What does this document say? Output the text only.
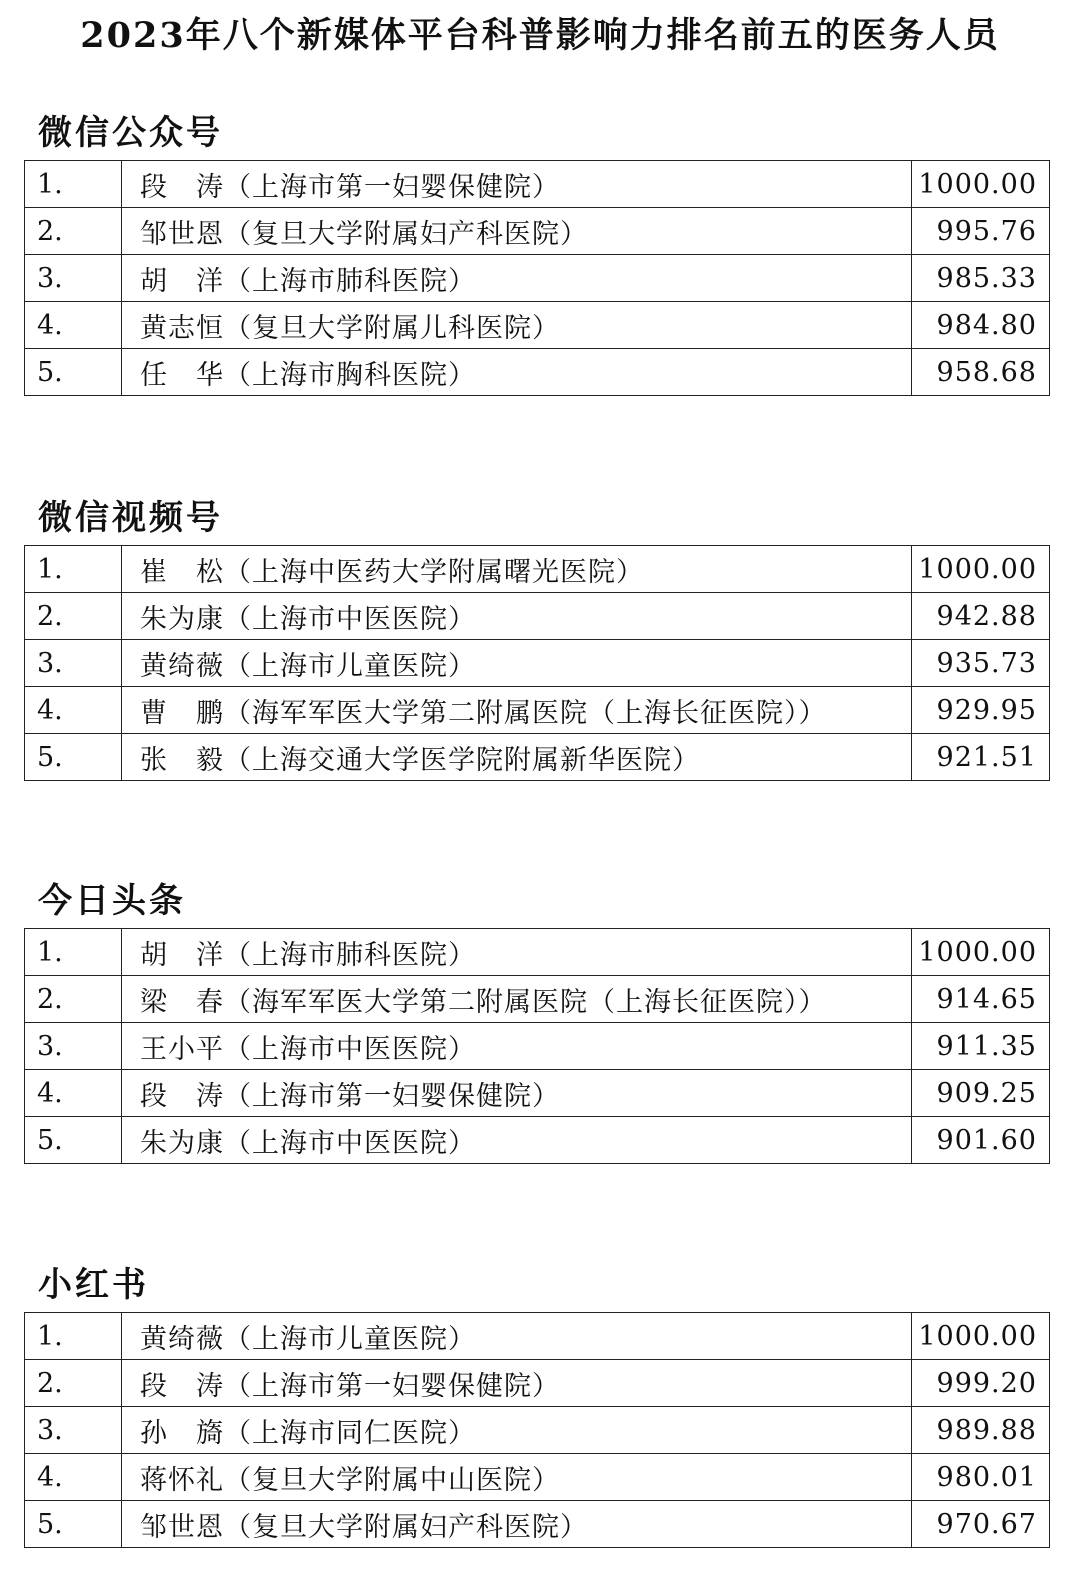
2023年八个新媒体平台科普影响力排名前五的医务人员
微信公众号
1.	段　涛（上海市第一妇婴保健院）	1000.00
2.	邹世恩（复旦大学附属妇产科医院）	995.76
3.	胡　洋（上海市肺科医院）	985.33
4.	黄志恒（复旦大学附属儿科医院）	984.80
5.	任　华（上海市胸科医院）	958.68
微信视频号
1.	崔　松（上海中医药大学附属曙光医院）	1000.00
2.	朱为康（上海市中医医院）	942.88
3.	黄绮薇（上海市儿童医院）	935.73
4.	曹　鹏（海军军医大学第二附属医院（上海长征医院））	929.95
5.	张　毅（上海交通大学医学院附属新华医院）	921.51
今日头条
1.	胡　洋（上海市肺科医院）	1000.00
2.	梁　春（海军军医大学第二附属医院（上海长征医院））	914.65
3.	王小平（上海市中医医院）	911.35
4.	段　涛（上海市第一妇婴保健院）	909.25
5.	朱为康（上海市中医医院）	901.60
小红书
1.	黄绮薇（上海市儿童医院）	1000.00
2.	段　涛（上海市第一妇婴保健院）	999.20
3.	孙　旖（上海市同仁医院）	989.88
4.	蒋怀礼（复旦大学附属中山医院）	980.01
5.	邹世恩（复旦大学附属妇产科医院）	970.67
